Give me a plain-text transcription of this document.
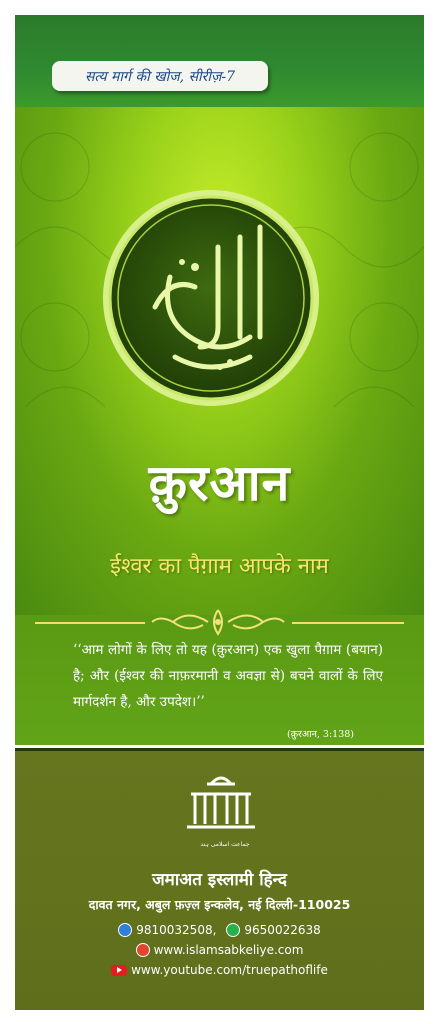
सत्य मार्ग की खोज, सीरीज़-7
क़ुरआन
ईश्वर का पैग़ाम आपके नाम
‘‘आम लोगों के लिए तो यह (क़ुरआन) एक खुला पैग़ाम (बयान) है; और (ईश्वर की नाफ़रमानी व अवज्ञा से) बचने वालों के लिए मार्गदर्शन है, और उपदेश।’’
(क़ुरआन, 3:138)
جماعت اسلامی ہند
जमाअत इस्लामी हिन्द
दावत नगर, अबुल फ़ज़्ल इन्कलेव, नई दिल्ली-110025
9810032508, 9650022638
www.islamsabkeliye.com
www.youtube.com/truepathoflife
